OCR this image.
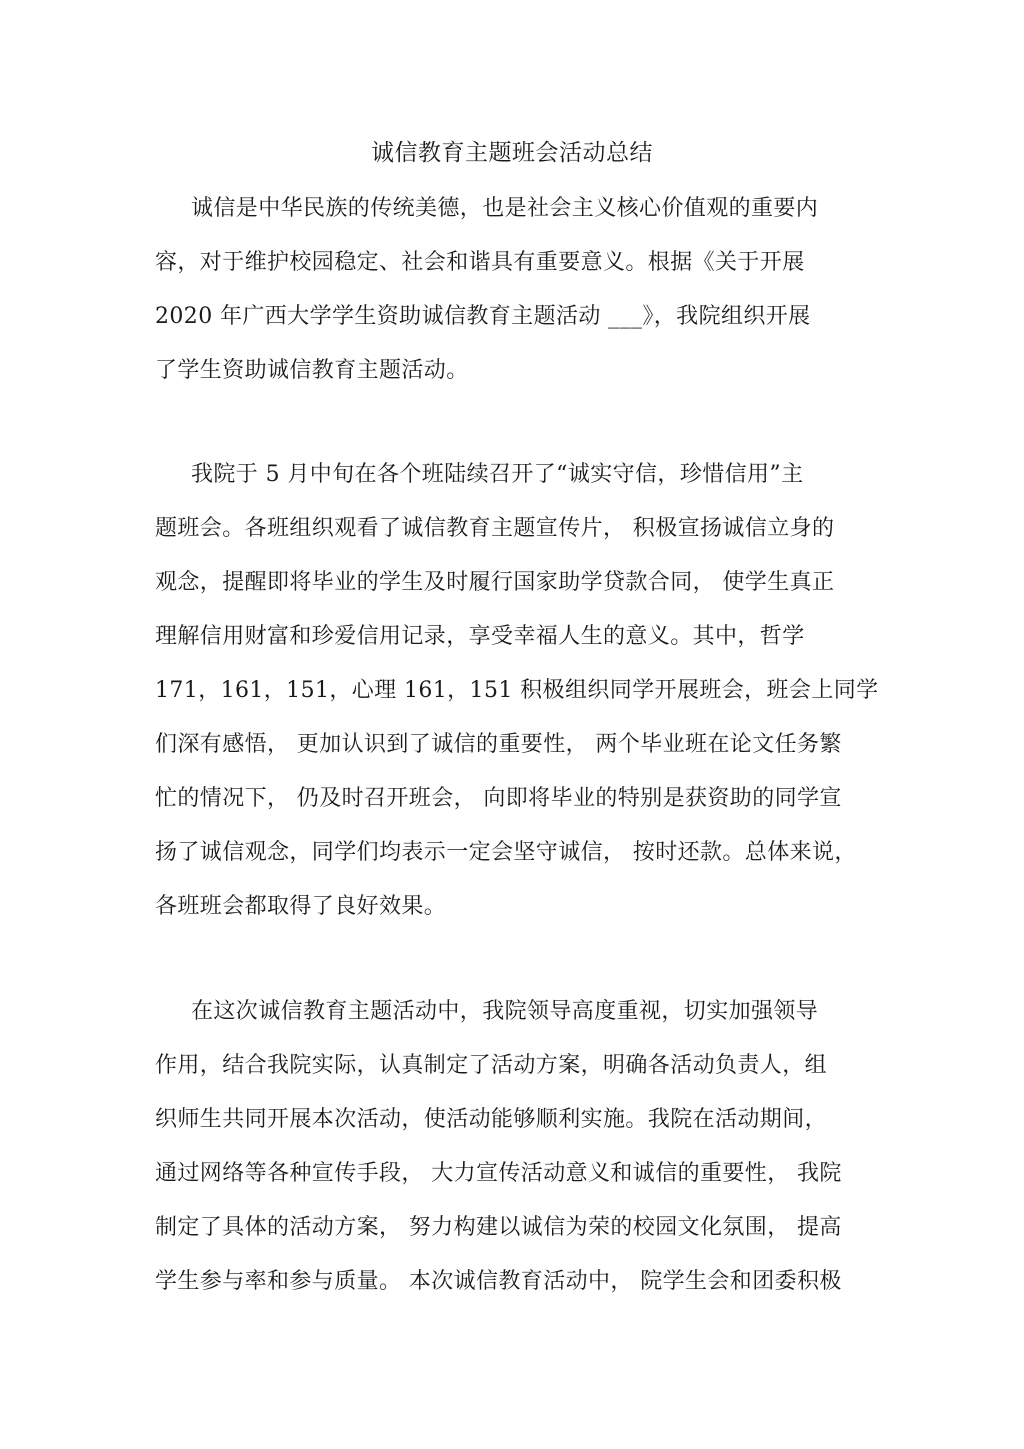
诚信教育主题班会活动总结
诚信是中华民族的传统美德，也是社会主义核心价值观的重要内
容，对于维护校园稳定、社会和谐具有重要意义。根据《关于开展
2020 年广西大学学生资助诚信教育主题活动 ___》，我院组织开展
了学生资助诚信教育主题活动。
我院于 5 月中旬在各个班陆续召开了“诚实守信，珍惜信用”主
题班会。各班组织观看了诚信教育主题宣传片， 积极宣扬诚信立身的
观念，提醒即将毕业的学生及时履行国家助学贷款合同， 使学生真正
理解信用财富和珍爱信用记录，享受幸福人生的意义。其中，哲学
171，161，151，心理 161，151 积极组织同学开展班会，班会上同学
们深有感悟， 更加认识到了诚信的重要性， 两个毕业班在论文任务繁
忙的情况下， 仍及时召开班会， 向即将毕业的特别是获资助的同学宣
扬了诚信观念，同学们均表示一定会坚守诚信， 按时还款。总体来说，
各班班会都取得了良好效果。
在这次诚信教育主题活动中，我院领导高度重视，切实加强领导
作用，结合我院实际，认真制定了活动方案，明确各活动负责人，组
织师生共同开展本次活动，使活动能够顺利实施。我院在活动期间，
通过网络等各种宣传手段， 大力宣传活动意义和诚信的重要性， 我院
制定了具体的活动方案， 努力构建以诚信为荣的校园文化氛围， 提高
学生参与率和参与质量。 本次诚信教育活动中， 院学生会和团委积极
